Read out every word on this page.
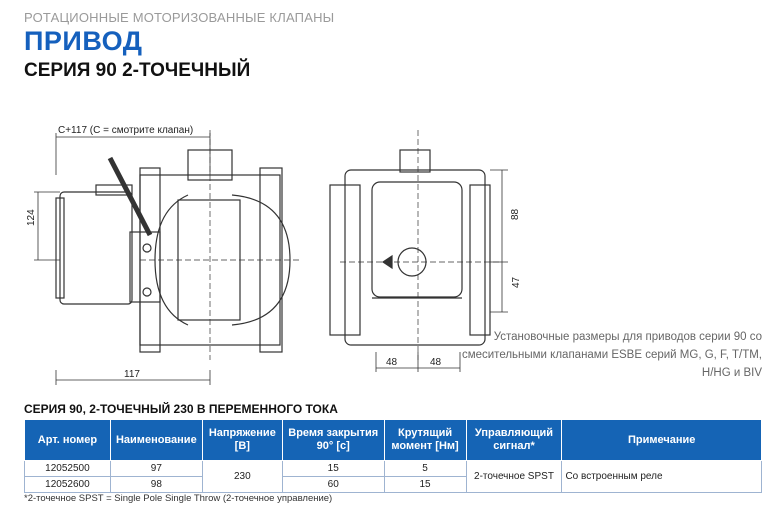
РОТАЦИОННЫЕ МОТОРИЗОВАННЫЕ КЛАПАНЫ
ПРИВОД
СЕРИЯ 90 2-ТОЧЕЧНЫЙ
C+117 (C = смотрите клапан)
124
117
88
47
48	48
Установочные размеры для приводов серии 90 со смесительными клапанами ESBE серий MG, G, F, T/TM, H/HG и BIV
СЕРИЯ 90, 2-ТОЧЕЧНЫЙ 230 В ПЕРЕМЕННОГО ТОКА
Арт. номер	Наименование	Напряжение [В]	Время закрытия 90° [с]	Крутящий момент [Нм]	Управляющий сигнал*	Примечание
12052500	97	230	15	5	2-точечное SPST	Со встроенным реле
12052600	98		60	15		
*2-точечное SPST = Single Pole Single Throw (2-точечное управление)
